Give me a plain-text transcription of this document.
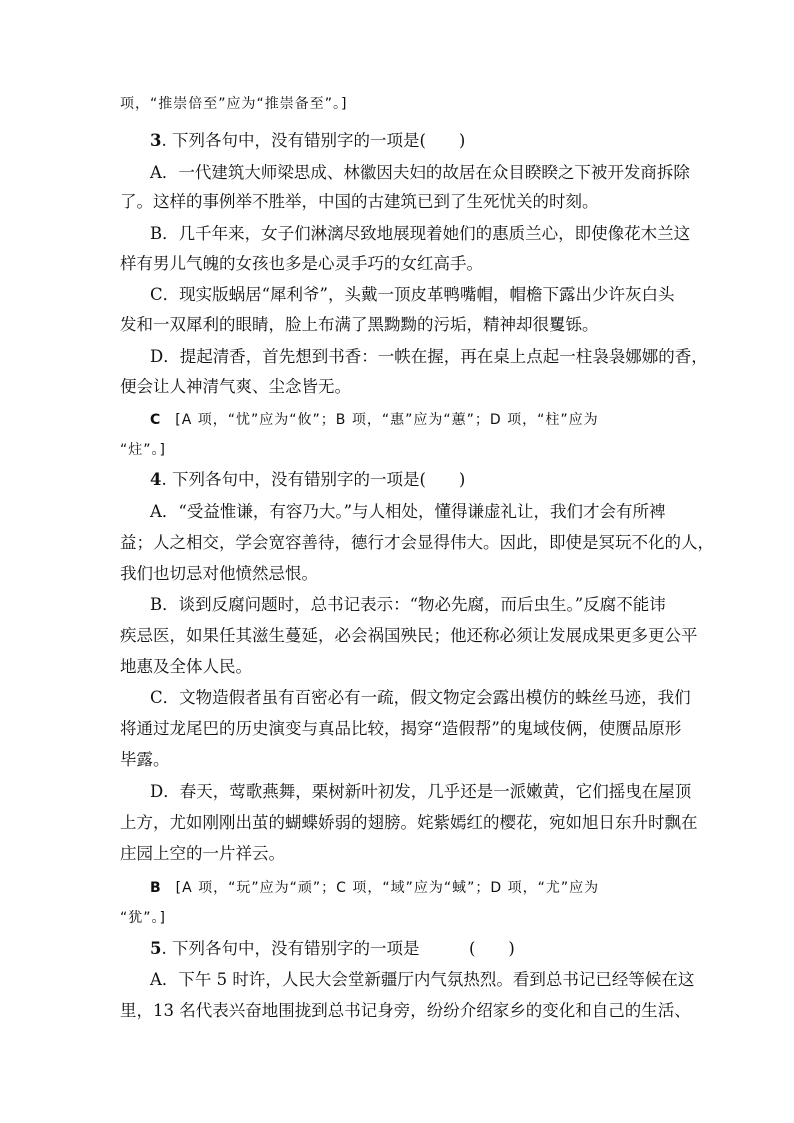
项，“推崇倍至”应为“推崇备至”。]
3. 下列各句中，没有错别字的一项是(　　)
A．一代建筑大师梁思成、林徽因夫妇的故居在众目睽睽之下被开发商拆除
了。这样的事例举不胜举，中国的古建筑已到了生死忧关的时刻。
B．几千年来，女子们淋漓尽致地展现着她们的惠质兰心，即使像花木兰这
样有男儿气魄的女孩也多是心灵手巧的女红高手。
C．现实版蜗居“犀利爷”，头戴一顶皮革鸭嘴帽，帽檐下露出少许灰白头
发和一双犀利的眼睛，脸上布满了黑黝黝的污垢，精神却很矍铄。
D．提起清香，首先想到书香：一帙在握，再在桌上点起一柱袅袅娜娜的香，
便会让人神清气爽、尘念皆无。
C [A 项，“忧”应为“攸”；B 项，“惠”应为“蕙”；D 项，“柱”应为
“炷”。]
4. 下列各句中，没有错别字的一项是(　　)
A．“受益惟谦，有容乃大。”与人相处，懂得谦虚礼让，我们才会有所裨
益；人之相交，学会宽容善待，德行才会显得伟大。因此，即使是冥玩不化的人，
我们也切忌对他愤然忌恨。
B．谈到反腐问题时，总书记表示：“物必先腐，而后虫生。”反腐不能讳
疾忌医，如果任其滋生蔓延，必会祸国殃民；他还称必须让发展成果更多更公平
地惠及全体人民。
C．文物造假者虽有百密必有一疏，假文物定会露出模仿的蛛丝马迹，我们
将通过龙尾巴的历史演变与真品比较，揭穿“造假帮”的鬼域伎俩，使赝品原形
毕露。
D．春天，莺歌燕舞，栗树新叶初发，几乎还是一派嫩黄，它们摇曳在屋顶
上方，尤如刚刚出茧的蝴蝶娇弱的翅膀。姹紫嫣红的樱花，宛如旭日东升时飘在
庄园上空的一片祥云。
B [A 项，“玩”应为“顽”；C 项，“域”应为“蜮”；D 项，“尤”应为
“犹”。]
5. 下列各句中，没有错别字的一项是　　　(　　)
A．下午 5 时许，人民大会堂新疆厅内气氛热烈。看到总书记已经等候在这
里，13 名代表兴奋地围拢到总书记身旁，纷纷介绍家乡的变化和自己的生活、
